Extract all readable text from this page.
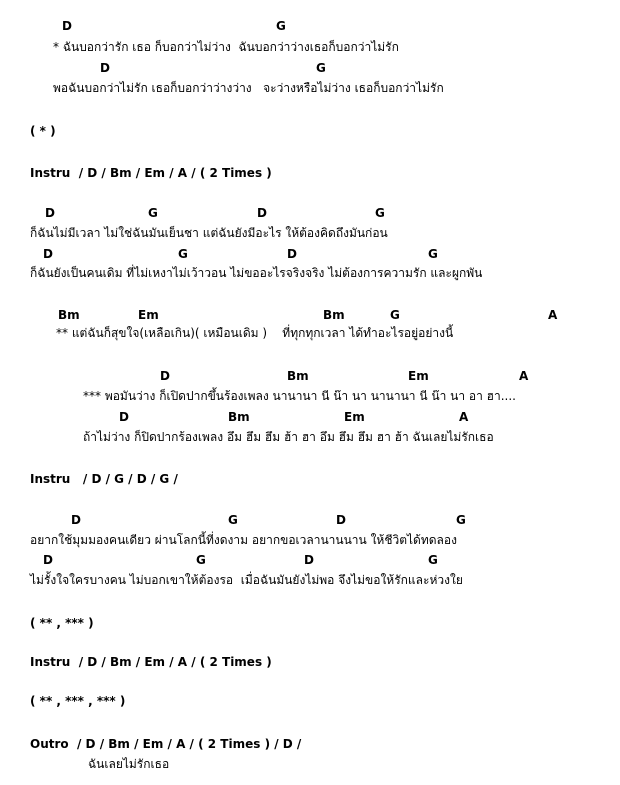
D	G
* ฉันบอกว่ารัก เธอ ก็บอกว่าไม่ว่าง  ฉันบอกว่าว่างเธอก็บอกว่าไม่รัก
D	G
พอฉันบอกว่าไม่รัก เธอก็บอกว่าว่างว่าง   จะว่างหรือไม่ว่าง เธอก็บอกว่าไม่รัก
( * )
Instru  / D / Bm / Em / A / ( 2 Times )
D	G	D	G
ก็ฉันไม่มีเวลา ไม่ใช่ฉันมันเย็นชา แต่ฉันยังมีอะไร ให้ต้องคิดถึงมันก่อน
D	G	D	G
ก็ฉันยังเป็นคนเดิม ที่ไม่เหงาไม่เว้าวอน ไม่ขออะไรจริงจริง ไม่ต้องการความรัก และผูกพัน
Bm	Em	Bm	G	A
** แต่ฉันก็สุขใจ(เหลือเกิน)( เหมือนเดิม )    ที่ทุกทุกเวลา ได้ทำอะไรอยู่อย่างนี้
D	Bm	Em	A
*** พอมันว่าง ก็เปิดปากขึ้นร้องเพลง นานานา นี น๊า นา นานานา นี น๊า นา อา ฮา....
D	Bm	Em	A
ถ้าไม่ว่าง ก็ปิดปากร้องเพลง อึม ฮึม ฮึม ฮ้า ฮา อึม ฮึม ฮึม ฮา ฮ้า ฉันเลยไม่รักเธอ
Instru   / D / G / D / G /
D	G	D	G
อยากใช้มุมมองคนเดียว ผ่านโลกนี้ที่งดงาม อยากขอเวลานานนาน ให้ชีวิตได้ทดลอง
D	G	D	G
ไม่รั้งใจใครบางคน ไม่บอกเขาให้ต้องรอ  เมื่อฉันมันยังไม่พอ จึงไม่ขอให้รักและห่วงใย
( ** , *** )
Instru  / D / Bm / Em / A / ( 2 Times )
( ** , *** , *** )
Outro  / D / Bm / Em / A / ( 2 Times ) / D /
ฉันเลยไม่รักเธอ
